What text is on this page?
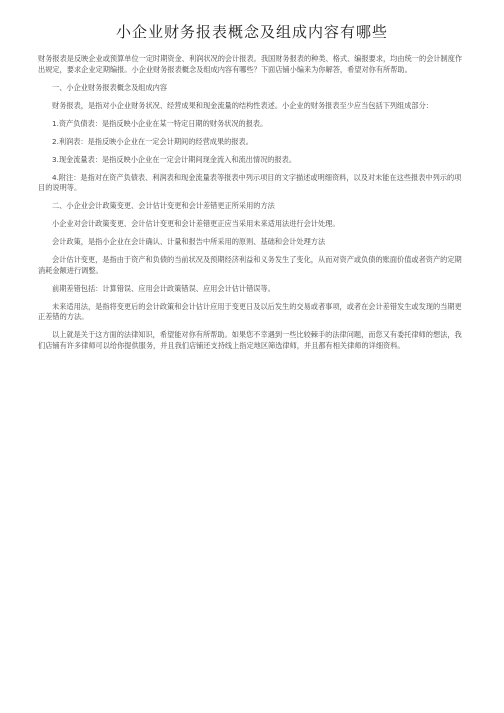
小企业财务报表概念及组成内容有哪些

财务报表是反映企业或预算单位一定时期资金、利润状况的会计报表。我国财务报表的种类、格式、编报要求，均由统一的会计制度作出规定，要求企业定期编报。小企业财务报表概念及组成内容有哪些？下面店铺小编来为你解答，希望对你有所帮助。

一、小企业财务报表概念及组成内容

财务报表，是指对小企业财务状况、经营成果和现金流量的结构性表述。小企业的财务报表至少应当包括下列组成部分：

1.资产负债表：是指反映小企业在某一特定日期的财务状况的报表。

2.利润表：是指反映小企业在一定会计期间的经营成果的报表。

3.现金流量表：是指反映小企业在一定会计期间现金流入和流出情况的报表。

4.附注：是指对在资产负债表、利润表和现金流量表等报表中列示项目的文字描述或明细资料，以及对未能在这些报表中列示的项目的说明等。

二、小企业会计政策变更、会计估计变更和会计差错更正所采用的方法

小企业对会计政策变更、会计估计变更和会计差错更正应当采用未来适用法进行会计处理。

会计政策，是指小企业在会计确认、计量和报告中所采用的原则、基础和会计处理方法

会计估计变更，是指由于资产和负债的当前状况及预期经济利益和义务发生了变化，从而对资产或负债的账面价值或者资产的定期消耗金额进行调整。

前期差错包括：计算错误、应用会计政策错误、应用会计估计错误等。

未来适用法，是指将变更后的会计政策和会计估计应用于变更日及以后发生的交易或者事项，或者在会计差错发生或发现的当期更正差错的方法。

以上就是关于这方面的法律知识，希望能对你有所帮助。如果您不幸遇到一些比较棘手的法律问题，而您又有委托律师的想法，我们店铺有许多律师可以给你提供服务，并且我们店铺还支持线上指定地区筛选律师，并且都有相关律师的详细资料。
